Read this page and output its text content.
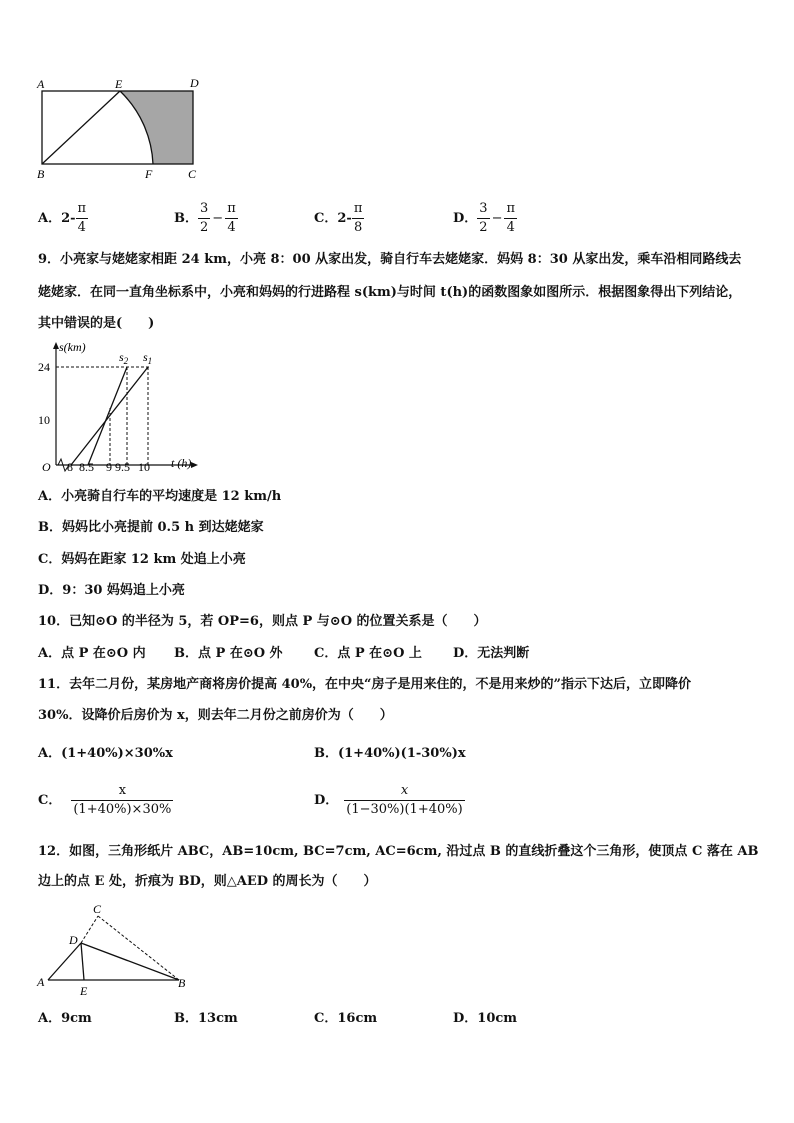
A	E	D
B	F	C
A．$2- \frac{\pi}{4}$	B． $\frac{3}{2} - \frac{\pi}{4}$	C．$2- \frac{\pi}{8}$	D． $\frac{3}{2} - \frac{\pi}{4}$
9．小亮家与姥姥家相距 24 km，小亮 8：00 从家出发，骑自行车去姥姥家．妈妈 8：30 从家出发，乘车沿相同路线去
姥姥家．在同一直角坐标系中，小亮和妈妈的行进路程 s(km)与时间 t(h)的函数图象如图所示．根据图象得出下列结论，
其中错误的是(　　)
s(km)
24
10
O 8 8.5 9 9.5 10 t (h)
$s_2$ $s_1$
A．小亮骑自行车的平均速度是 12 km/h
B．妈妈比小亮提前 0.5 h 到达姥姥家
C．妈妈在距家 12 km 处追上小亮
D．9：30 妈妈追上小亮
10．已知⊙O 的半径为 5，若 OP=6，则点 P 与⊙O 的位置关系是（　　）
A．点 P 在⊙O 内 B．点 P 在⊙O 外 C．点 P 在⊙O 上 D．无法判断
11．去年二月份，某房地产商将房价提高 40%，在中央“房子是用来住的，不是用来炒的”指示下达后，立即降价
30%．设降价后房价为 x，则去年二月份之前房价为（　　）
A．(1+40%)×30%x	B．(1+40%)(1-30%)x
C． $\frac{x}{(1+40\%)\times 30\%}$	D． $\frac{x}{(1-30\%)(1+40\%)}$
12．如图，三角形纸片 ABC，AB=10cm, BC=7cm, AC=6cm, 沿过点 B 的直线折叠这个三角形，使顶点 C 落在 AB
边上的点 E 处，折痕为 BD，则△AED 的周长为（　　）
C
D
A
E
B
A．9cm	B．13cm	C．16cm	D．10cm
